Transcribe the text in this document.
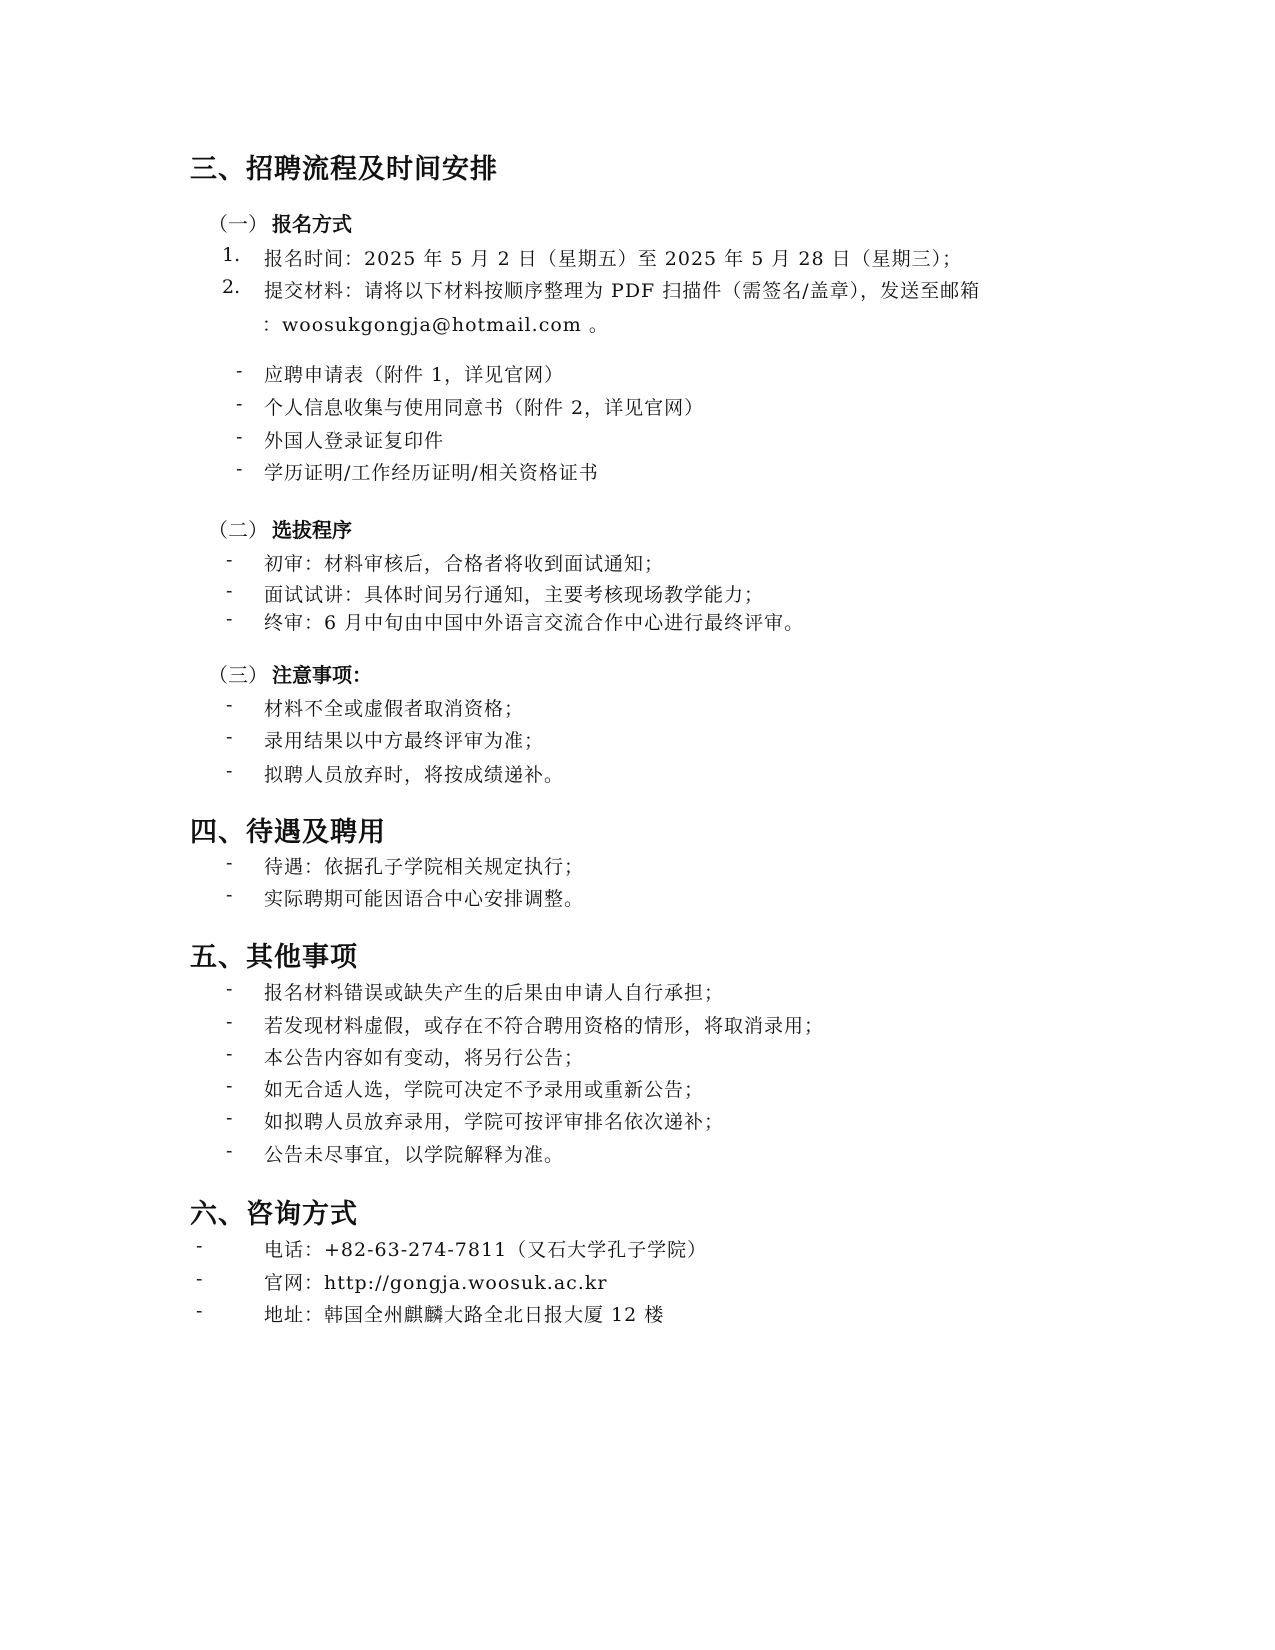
三、招聘流程及时间安排
（一） 报名方式
1. 报名时间：2025 年 5 月 2 日（星期五）至 2025 年 5 月 28 日（星期三）；
2. 提交材料：请将以下材料按顺序整理为 PDF 扫描件（需签名/盖章），发送至邮箱
：woosukgongja@hotmail.com 。
- 应聘申请表（附件 1，详见官网）
- 个人信息收集与使用同意书（附件 2，详见官网）
- 外国人登录证复印件
- 学历证明/工作经历证明/相关资格证书
（二） 选拔程序
- 初审：材料审核后，合格者将收到面试通知；
- 面试试讲：具体时间另行通知，主要考核现场教学能力；
- 终审：6 月中旬由中国中外语言交流合作中心进行最终评审。
（三） 注意事项：
- 材料不全或虚假者取消资格；
- 录用结果以中方最终评审为准；
- 拟聘人员放弃时，将按成绩递补。
四、待遇及聘用
- 待遇：依据孔子学院相关规定执行；
- 实际聘期可能因语合中心安排调整。
五、其他事项
- 报名材料错误或缺失产生的后果由申请人自行承担；
- 若发现材料虚假，或存在不符合聘用资格的情形，将取消录用；
- 本公告内容如有变动，将另行公告；
- 如无合适人选，学院可决定不予录用或重新公告；
- 如拟聘人员放弃录用，学院可按评审排名依次递补；
- 公告未尽事宜，以学院解释为准。
六、咨询方式
-	电话：+82-63-274-7811（又石大学孔子学院）
-	官网：http://gongja.woosuk.ac.kr
-	地址：韩国全州麒麟大路全北日报大厦 12 楼
